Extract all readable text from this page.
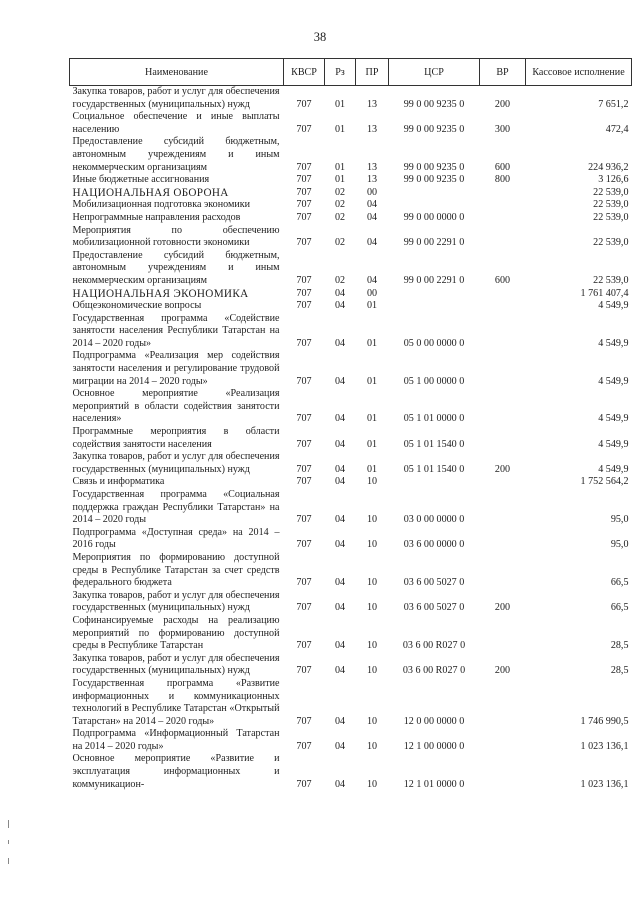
38
Наименование	КВСР	Рз	ПР	ЦСР	ВР	Кассовое исполнение
Закупка товаров, работ и услуг для обеспечения государственных (муниципальных) нужд	707	01	13	99 0 00 9235 0	200	7 651,2
Социальное обеспечение и иные выплаты населению	707	01	13	99 0 00 9235 0	300	472,4
Предоставление субсидий бюджетным, автономным учреждениям и иным некоммерческим организациям	707	01	13	99 0 00 9235 0	600	224 936,2
Иные бюджетные ассигнования	707	01	13	99 0 00 9235 0	800	3 126,6
НАЦИОНАЛЬНАЯ ОБОРОНА	707	02	00			22 539,0
Мобилизационная подготовка экономики	707	02	04			22 539,0
Непрограммные направления расходов	707	02	04	99 0 00 0000 0		22 539,0
Мероприятия по обеспечению мобилизационной готовности экономики	707	02	04	99 0 00 2291 0		22 539,0
Предоставление субсидий бюджетным, автономным учреждениям и иным некоммерческим организациям	707	02	04	99 0 00 2291 0	600	22 539,0
НАЦИОНАЛЬНАЯ ЭКОНОМИКА	707	04	00			1 761 407,4
Общеэкономические вопросы	707	04	01			4 549,9
Государственная программа «Содействие занятости населения Республики Татарстан на 2014 – 2020 годы»	707	04	01	05 0 00 0000 0		4 549,9
Подпрограмма «Реализация мер содействия занятости населения и регулирование трудовой миграции на 2014 – 2020 годы»	707	04	01	05 1 00 0000 0		4 549,9
Основное мероприятие «Реализация мероприятий в области содействия занятости населения»	707	04	01	05 1 01 0000 0		4 549,9
Программные мероприятия в области содействия занятости населения	707	04	01	05 1 01 1540 0		4 549,9
Закупка товаров, работ и услуг для обеспечения государственных (муниципальных) нужд	707	04	01	05 1 01 1540 0	200	4 549,9
Связь и информатика	707	04	10			1 752 564,2
Государственная программа «Социальная поддержка граждан Республики Татарстан» на 2014 – 2020 годы	707	04	10	03 0 00 0000 0		95,0
Подпрограмма «Доступная среда» на 2014 – 2016 годы	707	04	10	03 6 00 0000 0		95,0
Мероприятия по формированию доступной среды в Республике Татарстан за счет средств федерального бюджета	707	04	10	03 6 00 5027 0		66,5
Закупка товаров, работ и услуг для обеспечения государственных (муниципальных) нужд	707	04	10	03 6 00 5027 0	200	66,5
Софинансируемые расходы на реализацию мероприятий по формированию доступной среды в Республике Татарстан	707	04	10	03 6 00 R027 0		28,5
Закупка товаров, работ и услуг для обеспечения государственных (муниципальных) нужд	707	04	10	03 6 00 R027 0	200	28,5
Государственная программа «Развитие информационных и коммуникационных технологий в Республике Татарстан «Открытый Татарстан» на 2014 – 2020 годы»	707	04	10	12 0 00 0000 0		1 746 990,5
Подпрограмма «Информационный Татарстан на 2014 – 2020 годы»	707	04	10	12 1 00 0000 0		1 023 136,1
Основное мероприятие «Развитие и эксплуатация информационных и коммуникацион-	707	04	10	12 1 01 0000 0		1 023 136,1
